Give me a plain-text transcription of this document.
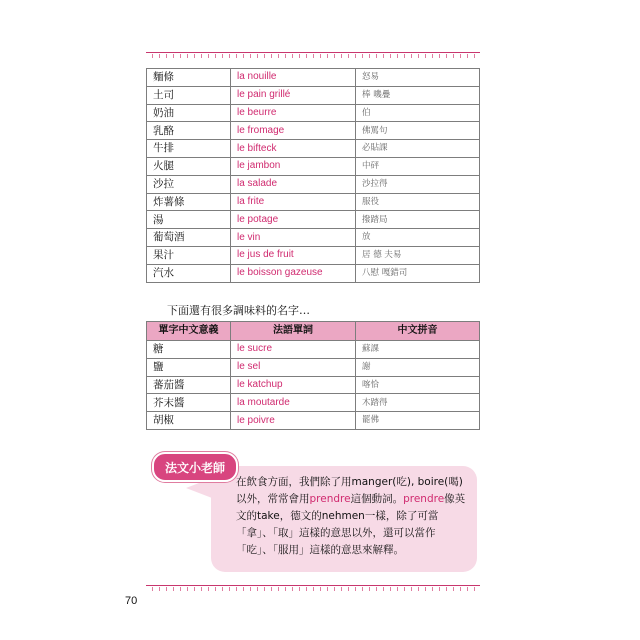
麵條	la nouille	怒易
土司	le pain grillé	棒 嘰疊
奶油	le beurre	伯
乳酪	le fromage	佛罵句
牛排	le bifteck	必貼課
火腿	le jambon	中砰
沙拉	la salade	沙拉得
炸薯條	la frite	服役
湯	le potage	撥踏局
葡萄酒	le vin	放
果汁	le jus de fruit	居 德 夫易
汽水	le boisson gazeuse	八慰 嘎錯司
下面還有很多調味料的名字…
單字中文意義	法語單詞	中文拼音
糖	le sucre	蘇課
鹽	le sel	謝
蕃茄醬	le katchup	喀恰
芥末醬	la moutarde	木踏得
胡椒	le poivre	罷佛
法文小老師
在飲食方面，我們除了用manger(吃), boire(喝)以外，常常會用prendre這個動詞。prendre像英文的take，德文的nehmen一樣，除了可當「拿」、「取」這樣的意思以外，還可以當作「吃」、「服用」這樣的意思來解釋。
70
